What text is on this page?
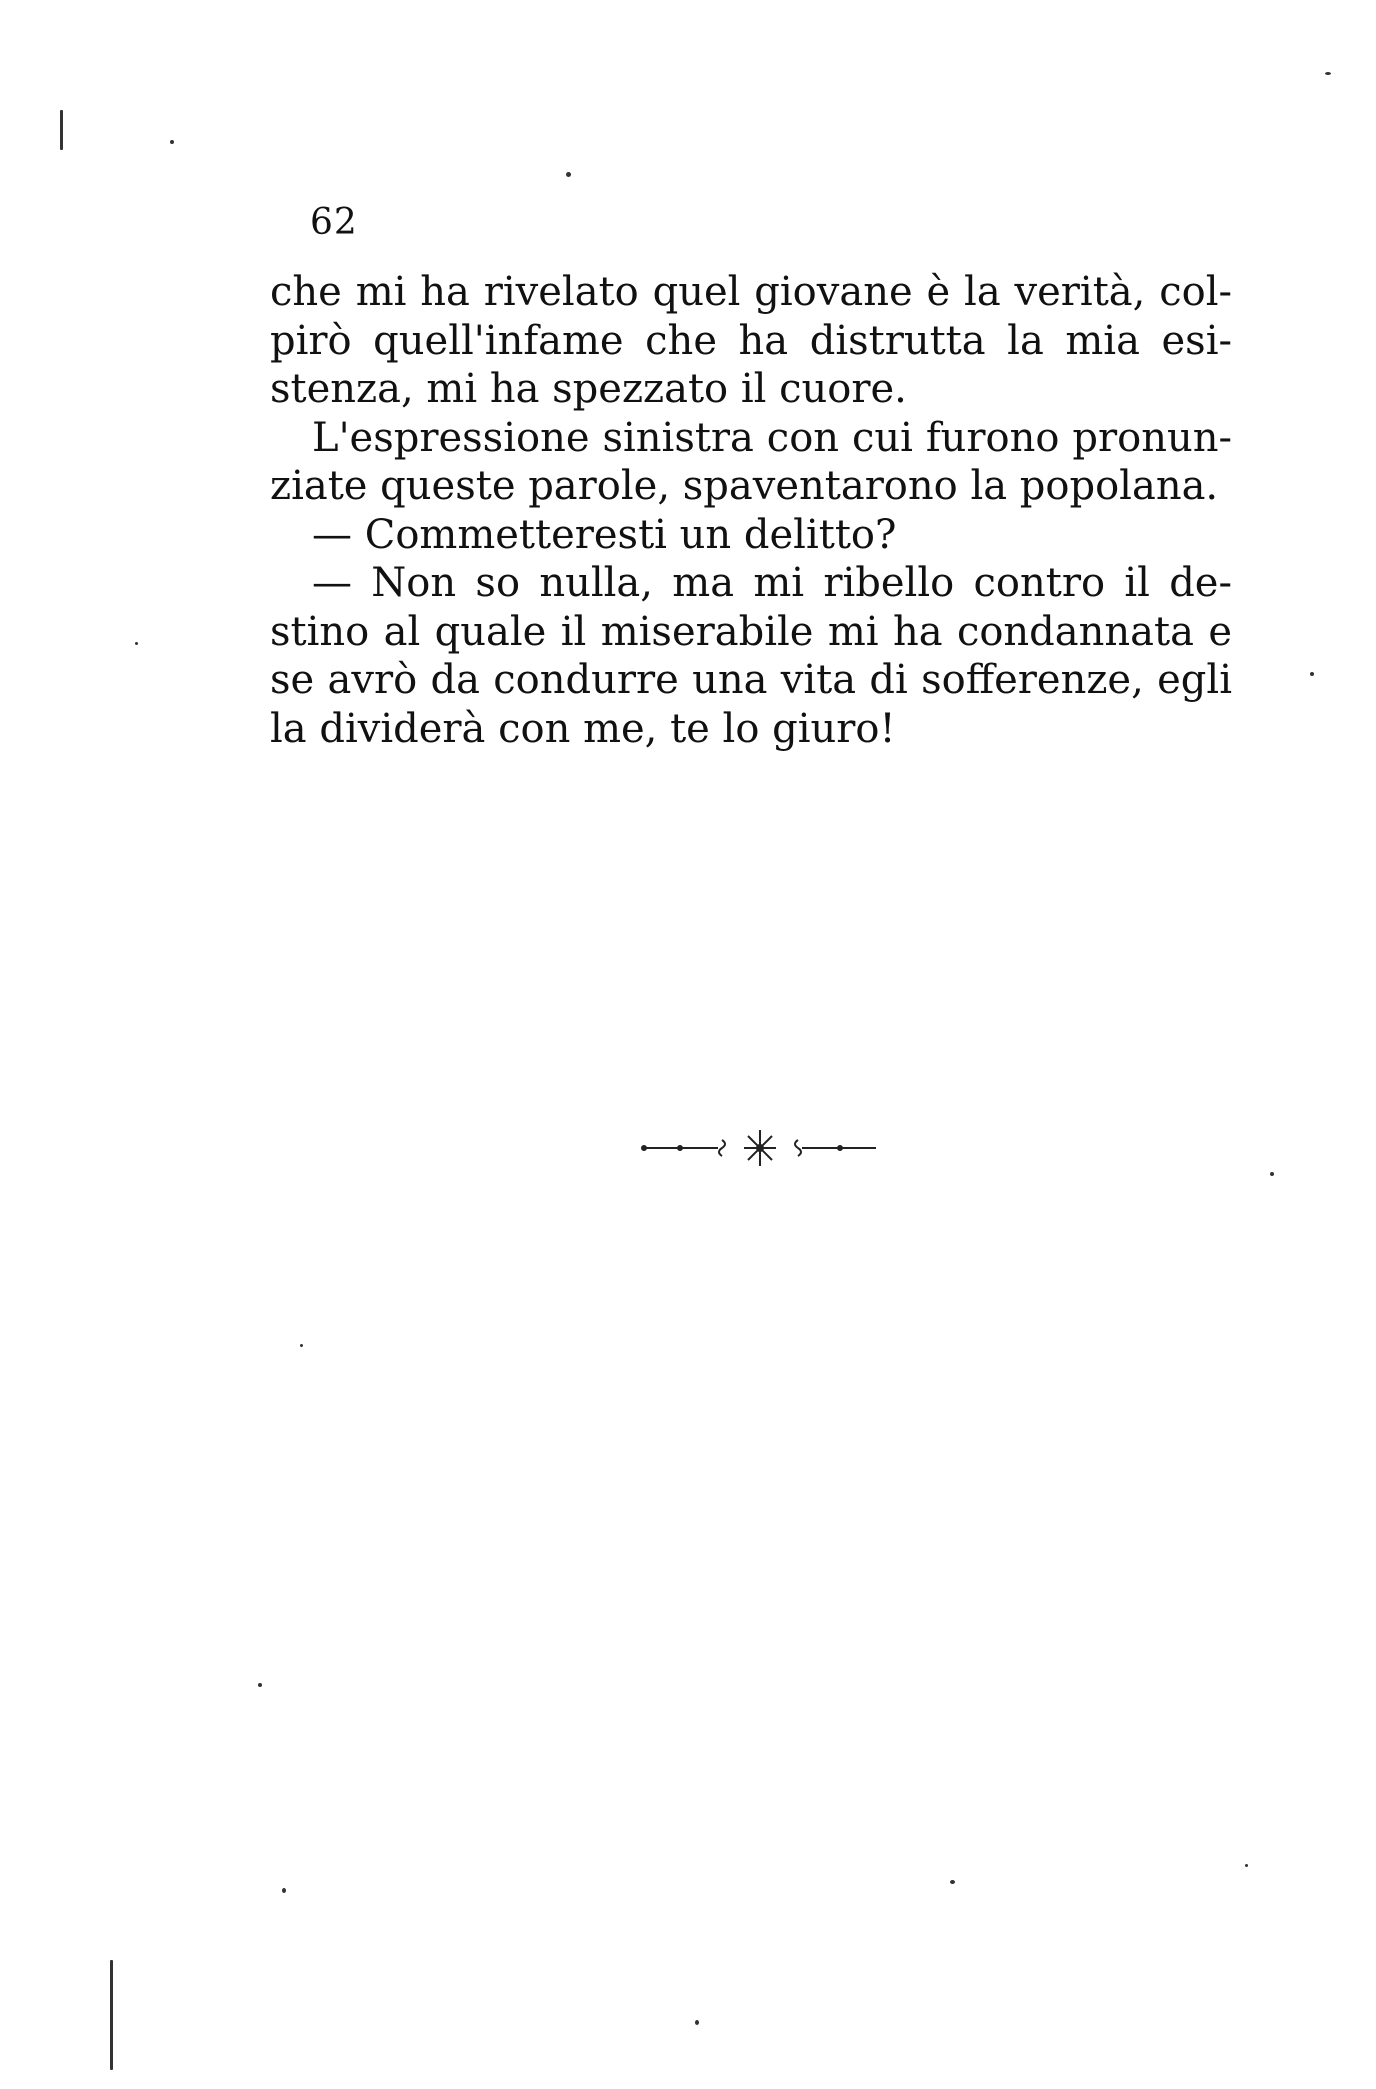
62
che mi ha rivelato quel giovane è la verità, col-
pirò quell'infame che ha distrutta la mia esi-
stenza, mi ha spezzato il cuore.
L'espressione sinistra con cui furono pronun-
ziate queste parole, spaventarono la popolana.
— Commetteresti un delitto?
— Non so nulla, ma mi ribello contro il de-
stino al quale il miserabile mi ha condannata e
se avrò da condurre una vita di sofferenze, egli
la dividerà con me, te lo giuro!
